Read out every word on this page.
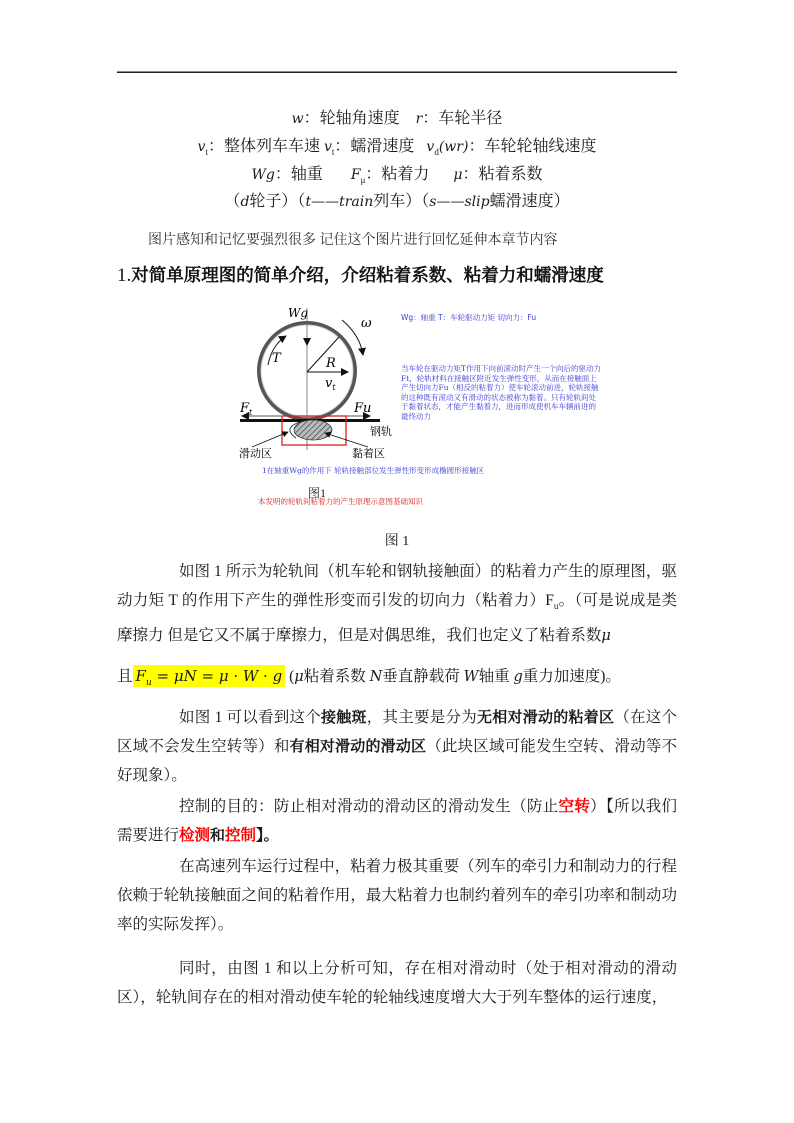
w：轮轴角速度 r：车轮半径
$v_t$：整体列车车速 $v_t$：蠕滑速度 $v_d(wr)$：车轮轮轴线速度
Wg：轴重 $F_\mu$：粘着力 μ：粘着系数
（d轮子）（t——train列车）（s——slip蠕滑速度）
图片感知和记忆要强烈很多 记住这个图片进行回忆延伸本章节内容
1.对简单原理图的简单介绍，介绍粘着系数、粘着力和蠕滑速度
Wg
ω
T	R
$v_t$
$F_t$	Fu
钢轨
滑动区	黏着区
Wg：轴重 T：车轮驱动力矩 切向力：Fu
当车轮在驱动力矩T作用下向前滚动时产生一个向后的驱动力Ft，轮轨材料在接触区附近发生弹性变形，从而在接触面上产生切向力Fu（相反的粘着力）使车轮滚动前进，轮轨接触的这种既有滚动又有滑动的状态被称为黏着。只有轮轨间处于黏着状态，才能产生黏着力，进而形成使机车车辆前进的最终动力
1在轴重Wg的作用下 轮轨接触部位发生弹性形变形成椭圆形接触区
图1
本发明的轮轨间粘着力的产生原理示意图基础知识
图 1
如图 1 所示为轮轨间（机车轮和钢轨接触面）的粘着力产生的原理图，驱动力矩 T 的作用下产生的弹性形变而引发的切向力（粘着力）$F_u$。（可是说成是类摩擦力 但是它又不属于摩擦力，但是对偶思维，我们也定义了粘着系数μ
且 $F_u = \mu N = \mu \cdot W \cdot g$ (μ粘着系数 N垂直静载荷 W轴重 g重力加速度)。
如图 1 可以看到这个接触斑，其主要是分为无相对滑动的粘着区（在这个区域不会发生空转等）和有相对滑动的滑动区（此块区域可能发生空转、滑动等不好现象）。
控制的目的：防止相对滑动的滑动区的滑动发生（防止空转）【所以我们需要进行检测和控制】。
在高速列车运行过程中，粘着力极其重要（列车的牵引力和制动力的行程依赖于轮轨接触面之间的粘着作用，最大粘着力也制约着列车的牵引功率和制动功率的实际发挥）。
同时，由图 1 和以上分析可知，存在相对滑动时（处于相对滑动的滑动区），轮轨间存在的相对滑动使车轮的轮轴线速度增大大于列车整体的运行速度，
